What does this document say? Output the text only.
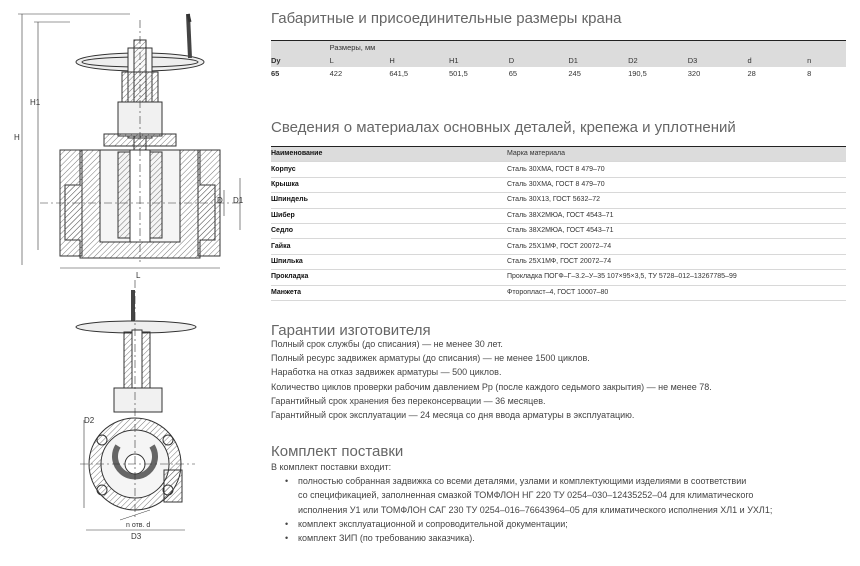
H
H1
D D1
L
D2
D3
n отв. d
Габаритные и присоединительные размеры крана
	Размеры, мм								
Dy	L	H	H1	D	D1	D2	D3	d	n
65	422	641,5	501,5	65	245	190,5	320	28	8
Сведения о материалах основных деталей, крепежа и уплотнений
Наименование	Марка материала
Корпус	Сталь 30ХМА, ГОСТ 8 479–70
Крышка	Сталь 30ХМА, ГОСТ 8 479–70
Шпиндель	Сталь 30Х13, ГОСТ 5632–72
Шибер	Сталь 38Х2МЮА, ГОСТ 4543–71
Седло	Сталь 38Х2МЮА, ГОСТ 4543–71
Гайка	Сталь 25Х1МФ, ГОСТ 20072–74
Шпилька	Сталь 25Х1МФ, ГОСТ 20072–74
Прокладка	Прокладка ПОГФ–Г–3.2–У–35 107×95×3,5, ТУ 5728–012–13267785–99
Манжета	Фторопласт–4, ГОСТ 10007–80
Гарантии изготовителя

Полный срок службы (до списания) — не менее 30 лет.

Полный ресурс задвижек арматуры (до списания) — не менее 1500 циклов.

Наработка на отказ задвижек арматуры — 500 циклов.

Количество циклов проверки рабочим давлением Рр (после каждого седьмого закрытия) — не менее 78.

Гарантийный срок хранения без переконсервации — 36 месяцев.

Гарантийный срок эксплуатации — 24 месяца со дня ввода арматуры в эксплуатацию.

Комплект поставки

В комплект поставки входит:

• полностью собранная задвижка со всеми деталями, узлами и комплектующими изделиями в соответствии
со спецификацией, заполненная смазкой ТОМФЛОН НГ 220 ТУ 0254–030–12435252–04 для климатического
исполнения У1 или ТОМФЛОН САГ 230 ТУ 0254–016–76643964–05 для климатического исполнения ХЛ1 и УХЛ1;
• комплект эксплуатационной и сопроводительной документации;
• комплект ЗИП (по требованию заказчика).
